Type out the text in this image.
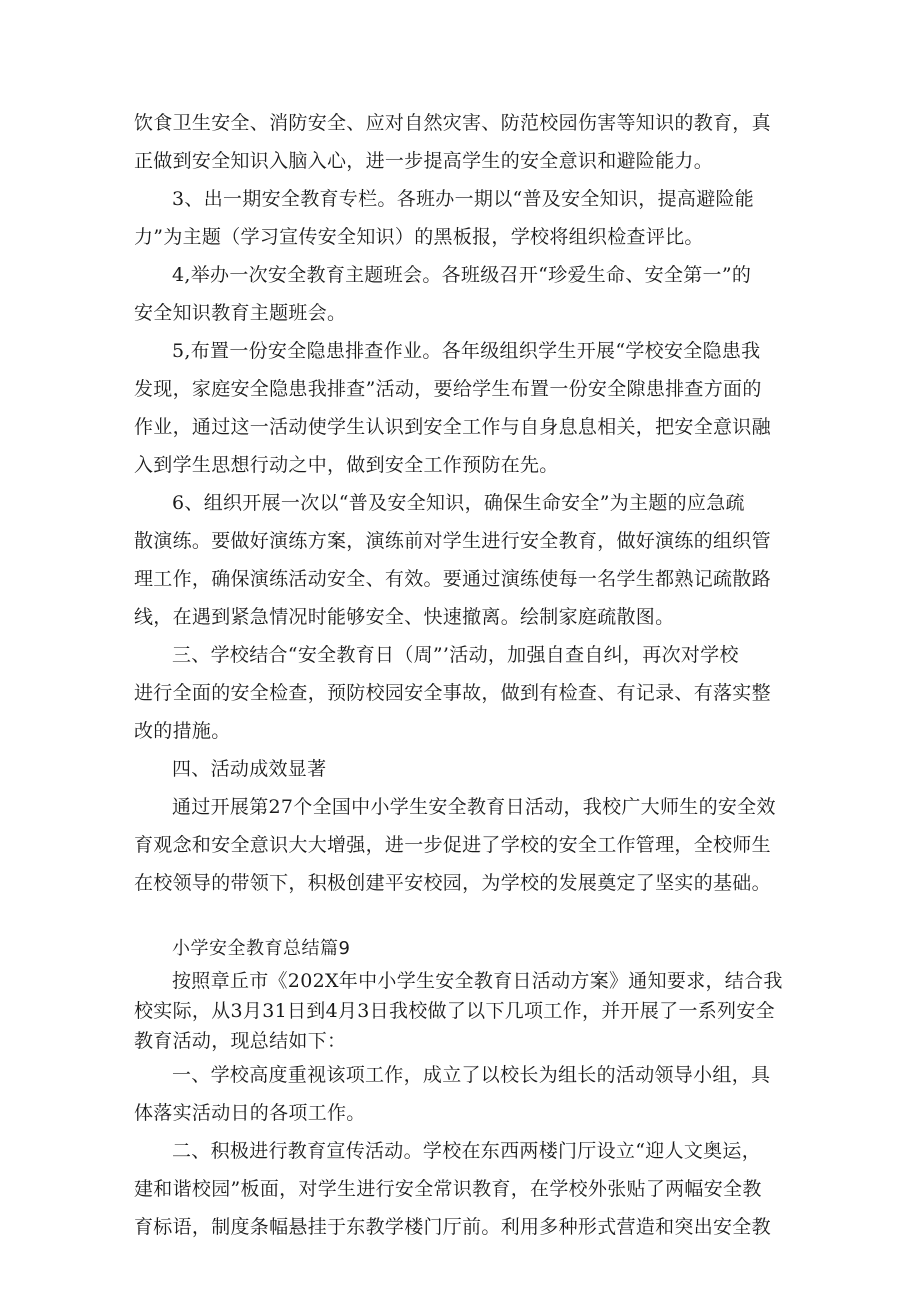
饮食卫生安全、消防安全、应对自然灾害、防范校园伤害等知识的教育，真
正做到安全知识入脑入心，进一步提高学生的安全意识和避险能力。

3、出一期安全教育专栏。各班办一期以“普及安全知识，提高避险能
力”为主题（学习宣传安全知识）的黑板报，学校将组织检查评比。

4,举办一次安全教育主题班会。各班级召开“珍爱生命、安全第一”的
安全知识教育主题班会。

5,布置一份安全隐患排查作业。各年级组织学生开展“学校安全隐患我
发现，家庭安全隐患我排查”活动，要给学生布置一份安全隙患排查方面的
作业，通过这一活动使学生认识到安全工作与自身息息相关，把安全意识融
入到学生思想行动之中，做到安全工作预防在先。

6、组织开展一次以“普及安全知识，确保生命安全”为主题的应急疏
散演练。要做好演练方案，演练前对学生进行安全教育，做好演练的组织管
理工作，确保演练活动安全、有效。要通过演练使每一名学生都熟记疏散路
线，在遇到紧急情况时能够安全、快速撤离。绘制家庭疏散图。

三、学校结合“安全教育日（周”’活动，加强自查自纠，再次对学校
进行全面的安全检查，预防校园安全事故，做到有检查、有记录、有落实整
改的措施。

四、活动成效显著

通过开展第27个全国中小学生安全教育日活动，我校广大师生的安全效
育观念和安全意识大大增强，进一步促进了学校的安全工作管理，全校师生
在校领导的带领下，积极创建平安校园，为学校的发展奠定了坚实的基础。

小学安全教育总结篇9

按照章丘市《202X年中小学生安全教育日活动方案》通知要求，结合我
校实际，从3月31日到4月3日我校做了以下几项工作，并开展了一系列安全
教育活动，现总结如下：

一、学校高度重视该项工作，成立了以校长为组长的活动领导小组，具
体落实活动日的各项工作。

二、积极进行教育宣传活动。学校在东西两楼门厅设立“迎人文奥运，
建和谐校园”板面，对学生进行安全常识教育，在学校外张贴了两幅安全教
育标语，制度条幅悬挂于东教学楼门厅前。利用多种形式营造和突出安全教
